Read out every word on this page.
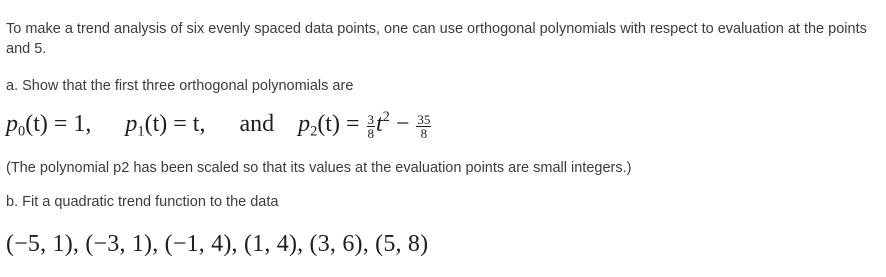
To make a trend analysis of six evenly spaced data points, one can use orthogonal polynomials with respect to evaluation at the points and 5.

a. Show that the first three orthogonal polynomials are

$p_0(t) = 1$, $p_1(t) = t$, and $p_2(t) = \frac{3}{8} t^2 - \frac{35}{8}$

(The polynomial p2 has been scaled so that its values at the evaluation points are small integers.)

b. Fit a quadratic trend function to the data

(−5, 1), (−3, 1), (−1, 4), (1, 4), (3, 6), (5, 8)
